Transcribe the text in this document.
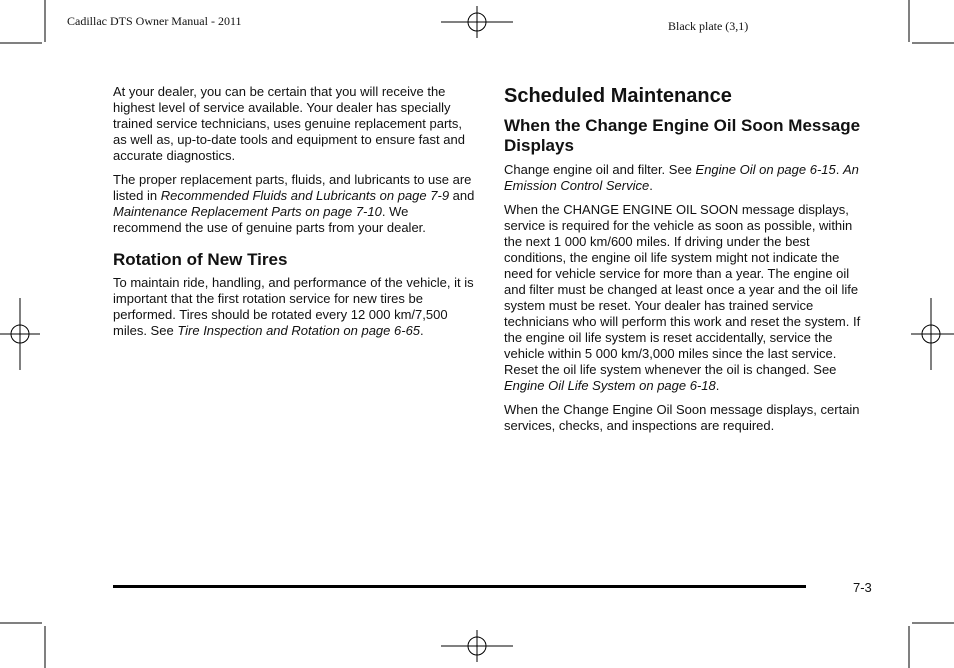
Cadillac DTS Owner Manual - 2011	Black plate (3,1)

At your dealer, you can be certain that you will receive the highest level of service available. Your dealer has specially trained service technicians, uses genuine replacement parts, as well as, up-to-date tools and equipment to ensure fast and accurate diagnostics.

The proper replacement parts, fluids, and lubricants to use are listed in Recommended Fluids and Lubricants on page 7-9 and Maintenance Replacement Parts on page 7-10. We recommend the use of genuine parts from your dealer.

Rotation of New Tires

To maintain ride, handling, and performance of the vehicle, it is important that the first rotation service for new tires be performed. Tires should be rotated every 12 000 km/7,500 miles. See Tire Inspection and Rotation on page 6-65.

Scheduled Maintenance
When the Change Engine Oil Soon Message Displays

Change engine oil and filter. See Engine Oil on page 6-15. An Emission Control Service.

When the CHANGE ENGINE OIL SOON message displays, service is required for the vehicle as soon as possible, within the next 1 000 km/600 miles. If driving under the best conditions, the engine oil life system might not indicate the need for vehicle service for more than a year. The engine oil and filter must be changed at least once a year and the oil life system must be reset. Your dealer has trained service technicians who will perform this work and reset the system. If the engine oil life system is reset accidentally, service the vehicle within 5 000 km/3,000 miles since the last service. Reset the oil life system whenever the oil is changed. See Engine Oil Life System on page 6-18.

When the Change Engine Oil Soon message displays, certain services, checks, and inspections are required.

7-3
